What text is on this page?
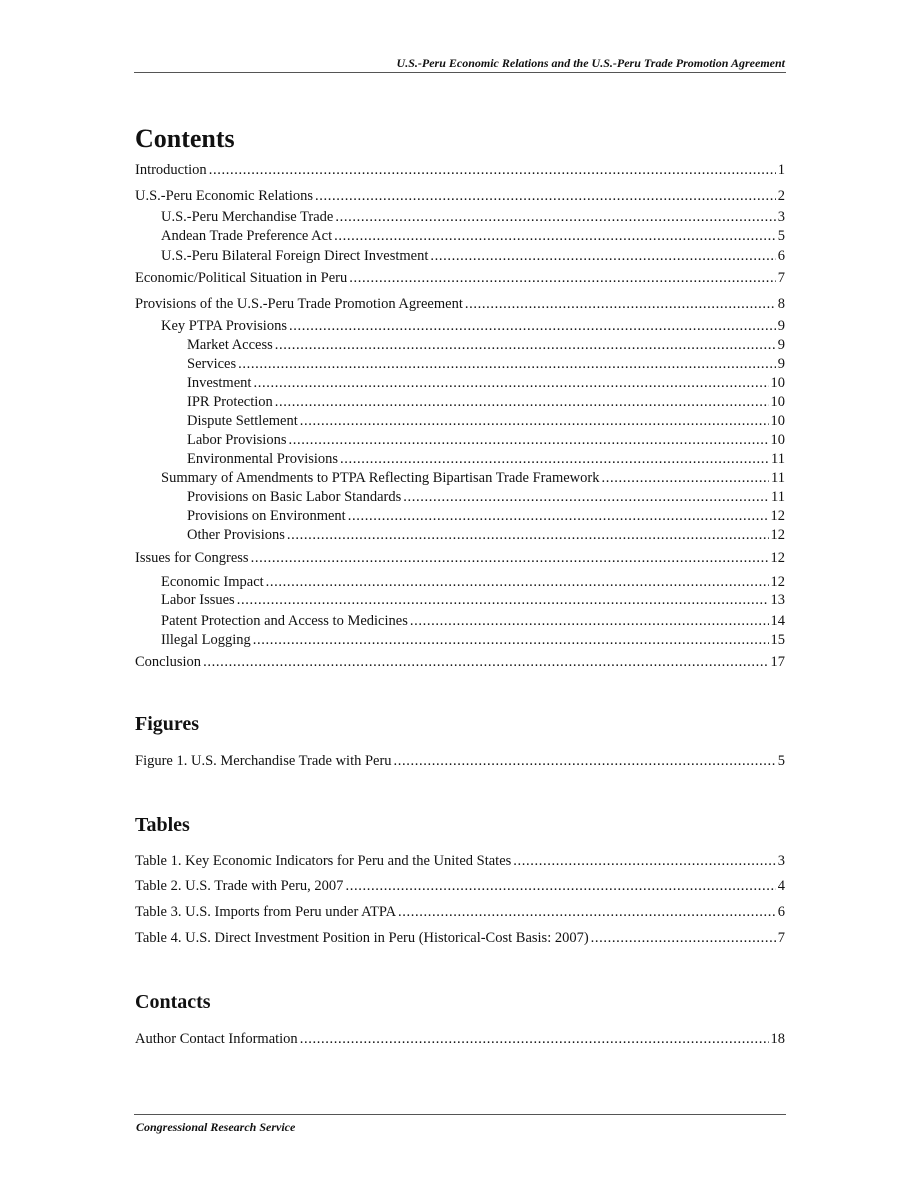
U.S.-Peru Economic Relations and the U.S.-Peru Trade Promotion Agreement
Contents
Introduction . . .	1
U.S.-Peru Economic Relations . . .	2
U.S.-Peru Merchandise Trade . . .	3
Andean Trade Preference Act . . .	5
U.S.-Peru Bilateral Foreign Direct Investment . . .	6
Economic/Political Situation in Peru . . .	7
Provisions of the U.S.-Peru Trade Promotion Agreement . . .	8
Key PTPA Provisions . . .	9
Market Access . . .	9
Services . . .	9
Investment . . .	10
IPR Protection . . .	10
Dispute Settlement . . .	10
Labor Provisions . . .	10
Environmental Provisions . . .	11
Summary of Amendments to PTPA Reflecting Bipartisan Trade Framework . . .	11
Provisions on Basic Labor Standards . . .	11
Provisions on Environment . . .	12
Other Provisions . . .	12
Issues for Congress . . .	12
Economic Impact . . .	12
Labor Issues . . .	13
Patent Protection and Access to Medicines . . .	14
Illegal Logging . . .	15
Conclusion . . .	17
Figures
Figure 1. U.S. Merchandise Trade with Peru . . .	5
Tables
Table 1. Key Economic Indicators for Peru and the United States . . .	3
Table 2. U.S. Trade with Peru, 2007 . . .	4
Table 3. U.S. Imports from Peru under ATPA . . .	6
Table 4. U.S. Direct Investment Position in Peru (Historical-Cost Basis: 2007) . . .	7
Contacts
Author Contact Information . . .	18
Congressional Research Service
